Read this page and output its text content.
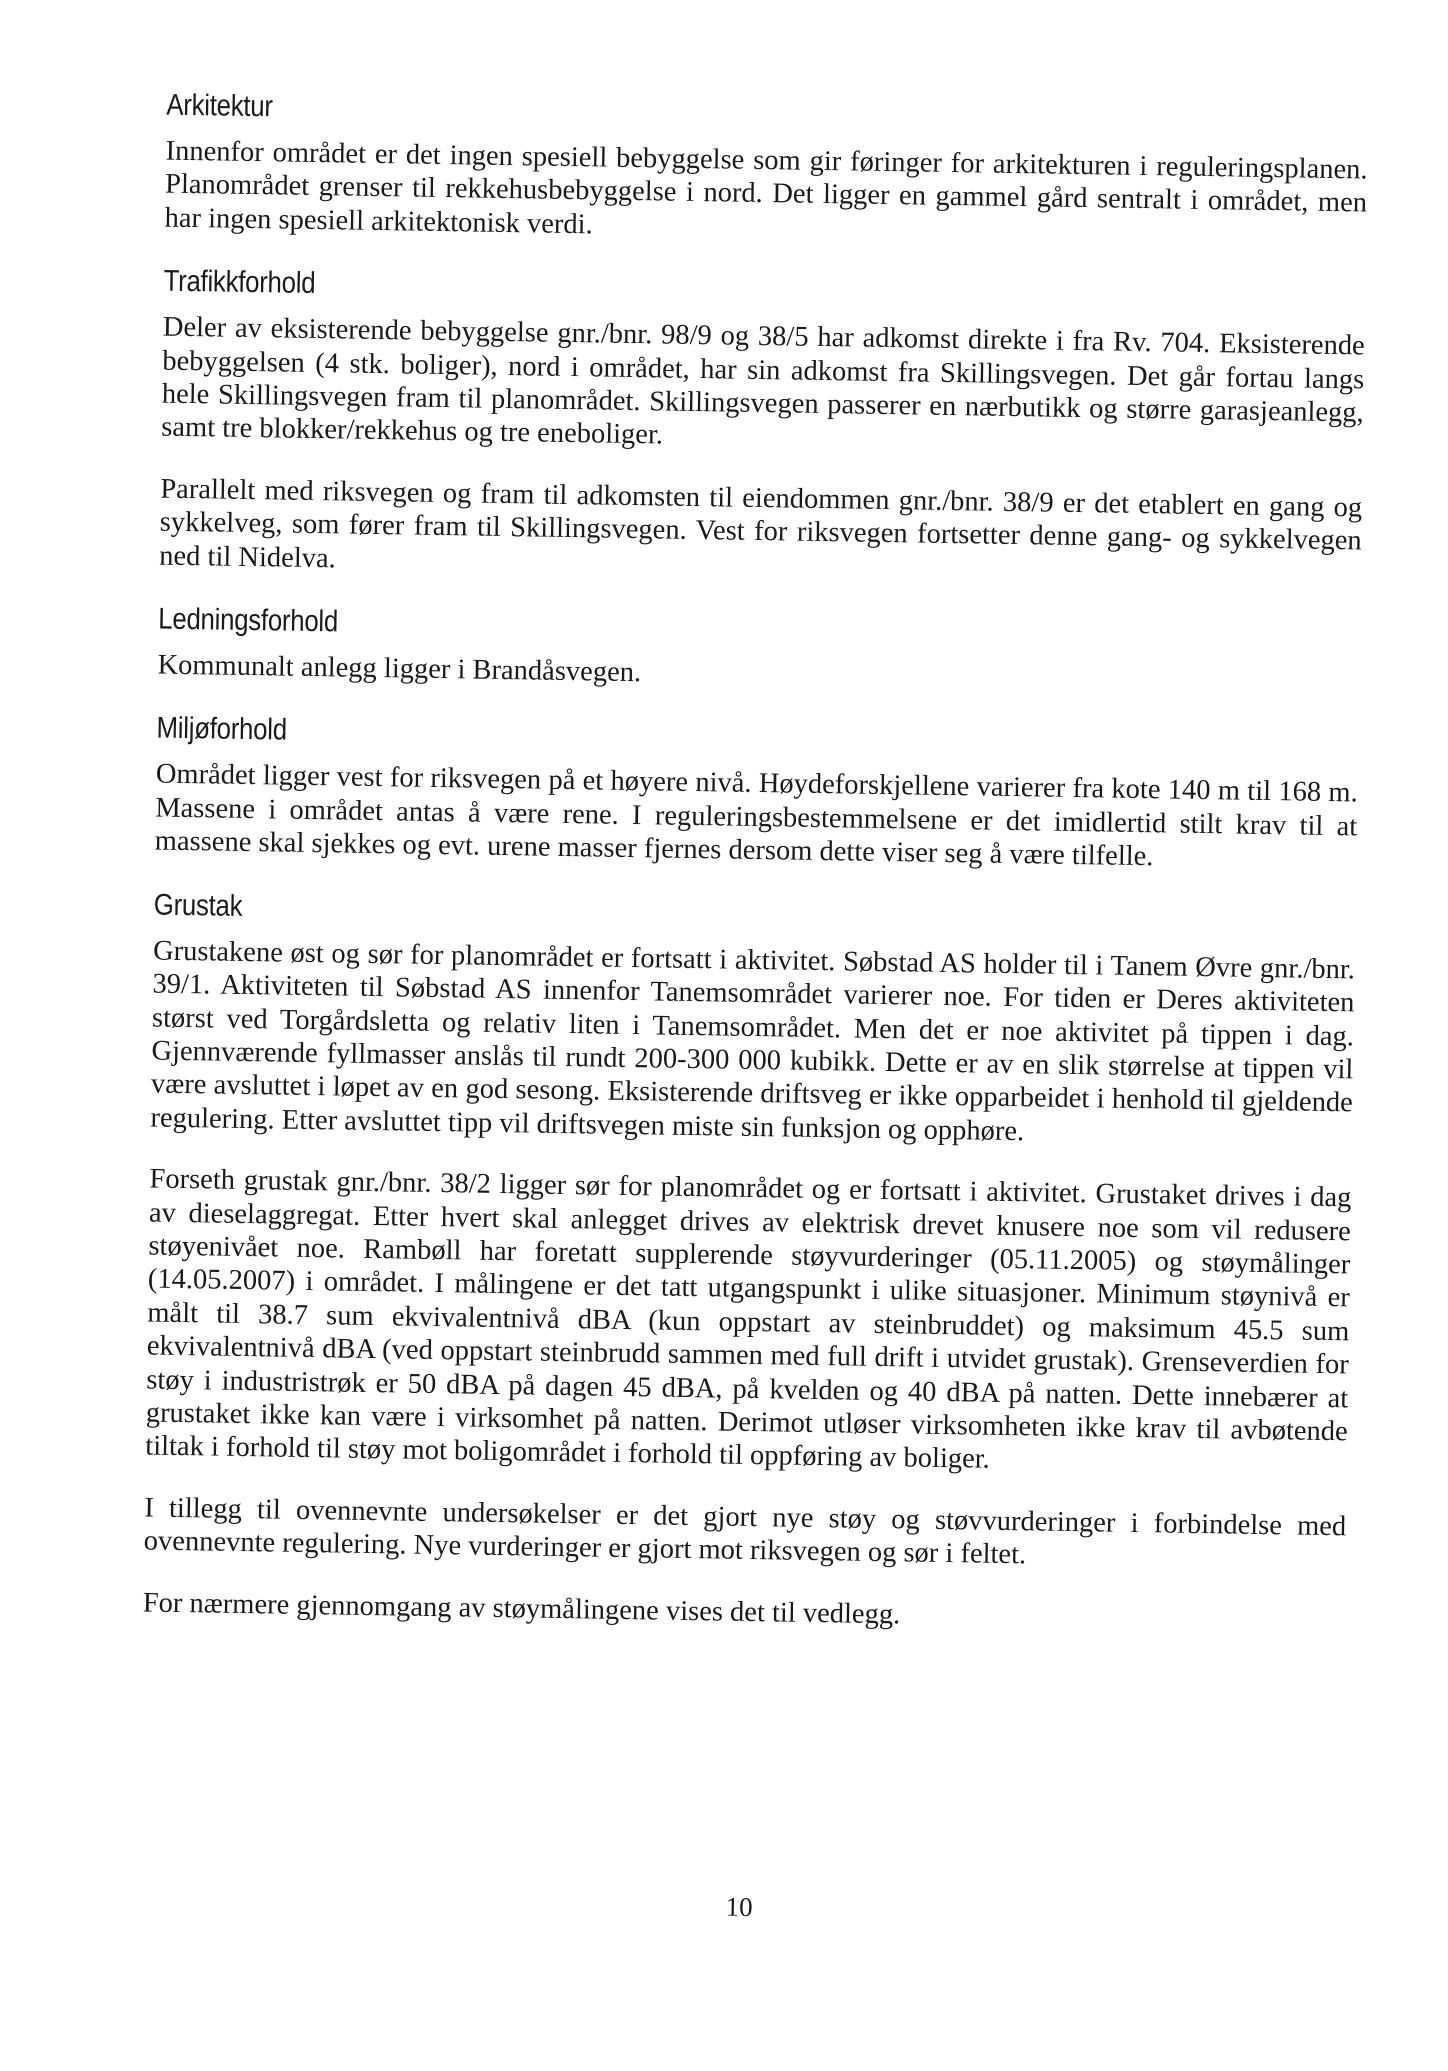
Arkitektur

Innenfor området er det ingen spesiell bebyggelse som gir føringer for arkitekturen i reguleringsplanen. Planområdet grenser til rekkehusbebyggelse i nord. Det ligger en gammel gård sentralt i området, men har ingen spesiell arkitektonisk verdi.

Trafikkforhold

Deler av eksisterende bebyggelse gnr./bnr. 98/9 og 38/5 har adkomst direkte i fra Rv. 704. Eksisterende bebyggelsen (4 stk. boliger), nord i området, har sin adkomst fra Skillingsvegen. Det går fortau langs hele Skillingsvegen fram til planområdet. Skillingsvegen passerer en nærbutikk og større garasjeanlegg, samt tre blokker/rekkehus og tre eneboliger.

Parallelt med riksvegen og fram til adkomsten til eiendommen gnr./bnr. 38/9 er det etablert en gang og sykkelveg, som fører fram til Skillingsvegen. Vest for riksvegen fortsetter denne gang- og sykkelvegen ned til Nidelva.

Ledningsforhold

Kommunalt anlegg ligger i Brandåsvegen.

Miljøforhold

Området ligger vest for riksvegen på et høyere nivå. Høydeforskjellene varierer fra kote 140 m til 168 m. Massene i området antas å være rene. I reguleringsbestemmelsene er det imidlertid stilt krav til at massene skal sjekkes og evt. urene masser fjernes dersom dette viser seg å være tilfelle.

Grustak

Grustakene øst og sør for planområdet er fortsatt i aktivitet. Søbstad AS holder til i Tanem Øvre gnr./bnr. 39/1. Aktiviteten til Søbstad AS innenfor Tanemsområdet varierer noe. For tiden er Deres aktiviteten størst ved Torgårdsletta og relativ liten i Tanemsområdet. Men det er noe aktivitet på tippen i dag. Gjennværende fyllmasser anslås til rundt 200-300 000 kubikk. Dette er av en slik størrelse at tippen vil være avsluttet i løpet av en god sesong. Eksisterende driftsveg er ikke opparbeidet i henhold til gjeldende regulering. Etter avsluttet tipp vil driftsvegen miste sin funksjon og opphøre.

Forseth grustak gnr./bnr. 38/2 ligger sør for planområdet og er fortsatt i aktivitet. Grustaket drives i dag av dieselaggregat. Etter hvert skal anlegget drives av elektrisk drevet knusere noe som vil redusere støyenivået noe. Rambøll har foretatt supplerende støyvurderinger (05.11.2005) og støymålinger (14.05.2007) i området. I målingene er det tatt utgangspunkt i ulike situasjoner. Minimum støynivå er målt til 38.7 sum ekvivalentnivå dBA (kun oppstart av steinbruddet) og maksimum 45.5 sum ekvivalentnivå dBA (ved oppstart steinbrudd sammen med full drift i utvidet grustak). Grenseverdien for støy i industristrøk er 50 dBA på dagen 45 dBA, på kvelden og 40 dBA på natten. Dette innebærer at grustaket ikke kan være i virksomhet på natten. Derimot utløser virksomheten ikke krav til avbøtende tiltak i forhold til støy mot boligområdet i forhold til oppføring av boliger.

I tillegg til ovennevnte undersøkelser er det gjort nye støy og støvvurderinger i forbindelse med ovennevnte regulering. Nye vurderinger er gjort mot riksvegen og sør i feltet.

For nærmere gjennomgang av støymålingene vises det til vedlegg.

10
